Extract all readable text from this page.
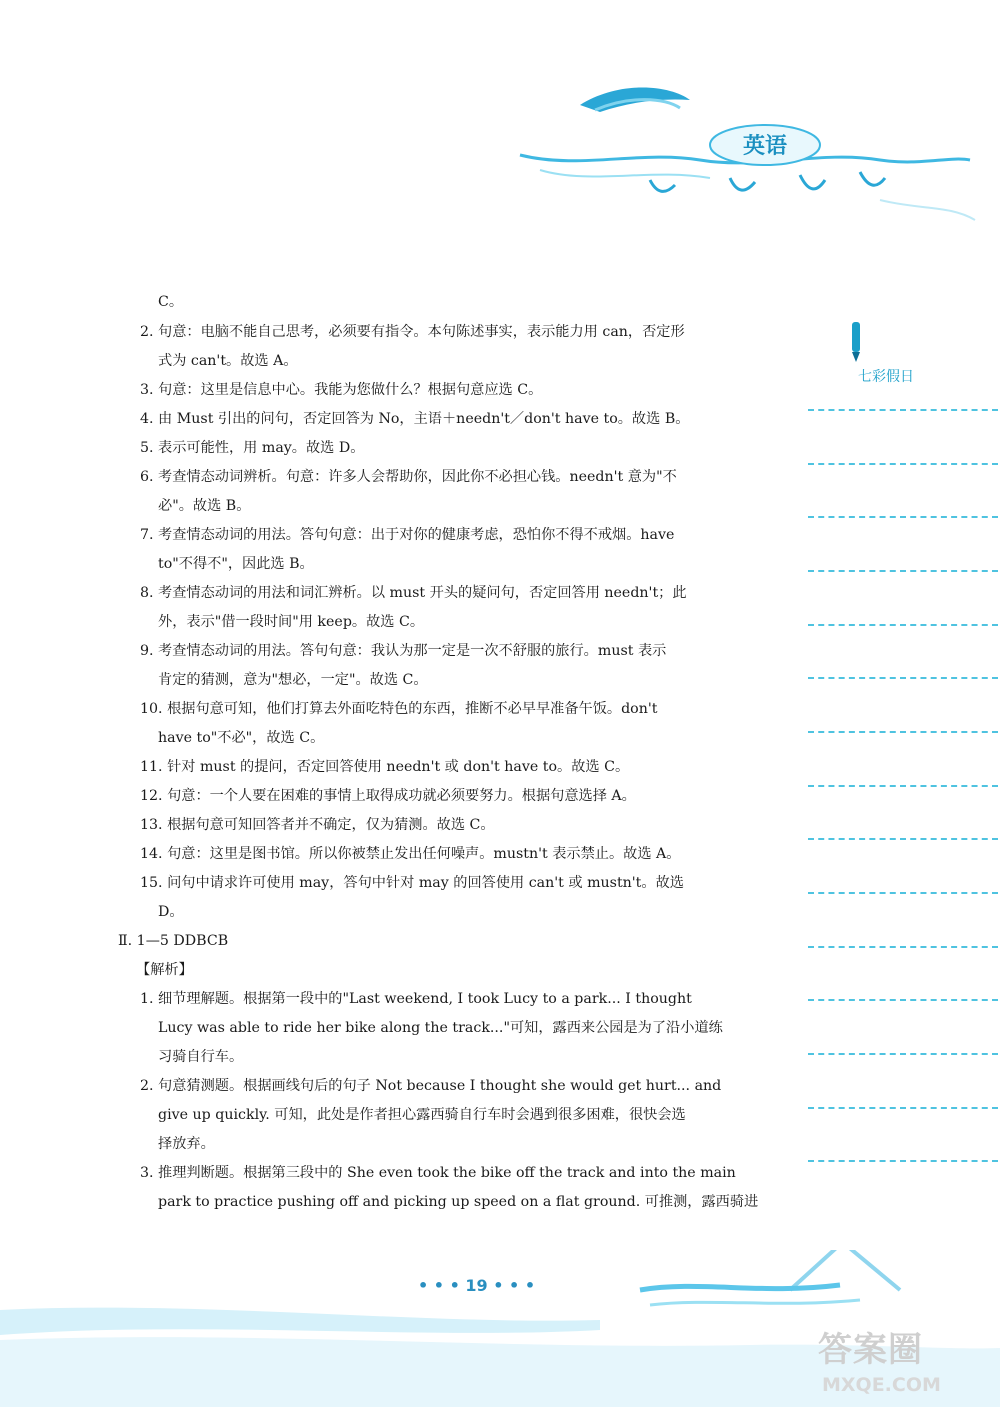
英语
七彩假日
C。
2. 句意：电脑不能自己思考，必须要有指令。本句陈述事实，表示能力用 can，否定形
式为 can't。故选 A。
3. 句意：这里是信息中心。我能为您做什么？根据句意应选 C。
4. 由 Must 引出的问句，否定回答为 No，主语＋needn't／don't have to。故选 B。
5. 表示可能性，用 may。故选 D。
6. 考查情态动词辨析。句意：许多人会帮助你，因此你不必担心钱。needn't 意为"不
必"。故选 B。
7. 考查情态动词的用法。答句句意：出于对你的健康考虑，恐怕你不得不戒烟。have
to"不得不"，因此选 B。
8. 考查情态动词的用法和词汇辨析。以 must 开头的疑问句，否定回答用 needn't；此
外，表示"借一段时间"用 keep。故选 C。
9. 考查情态动词的用法。答句句意：我认为那一定是一次不舒服的旅行。must 表示
肯定的猜测，意为"想必，一定"。故选 C。
10. 根据句意可知，他们打算去外面吃特色的东西，推断不必早早准备午饭。don't
have to"不必"，故选 C。
11. 针对 must 的提问，否定回答使用 needn't 或 don't have to。故选 C。
12. 句意：一个人要在困难的事情上取得成功就必须要努力。根据句意选择 A。
13. 根据句意可知回答者并不确定，仅为猜测。故选 C。
14. 句意：这里是图书馆。所以你被禁止发出任何噪声。mustn't 表示禁止。故选 A。
15. 问句中请求许可使用 may，答句中针对 may 的回答使用 can't 或 mustn't。故选
D。
Ⅱ. 1—5 DDBCB
【解析】
1. 细节理解题。根据第一段中的"Last weekend, I took Lucy to a park... I thought
Lucy was able to ride her bike along the track..."可知，露西来公园是为了沿小道练
习骑自行车。
2. 句意猜测题。根据画线句后的句子 Not because I thought she would get hurt... and
give up quickly. 可知，此处是作者担心露西骑自行车时会遇到很多困难，很快会选
择放弃。
3. 推理判断题。根据第三段中的 She even took the bike off the track and into the main
park to practice pushing off and picking up speed on a flat ground. 可推测，露西骑进
• • • 19 • • •
答案圈
MXQE.COM
